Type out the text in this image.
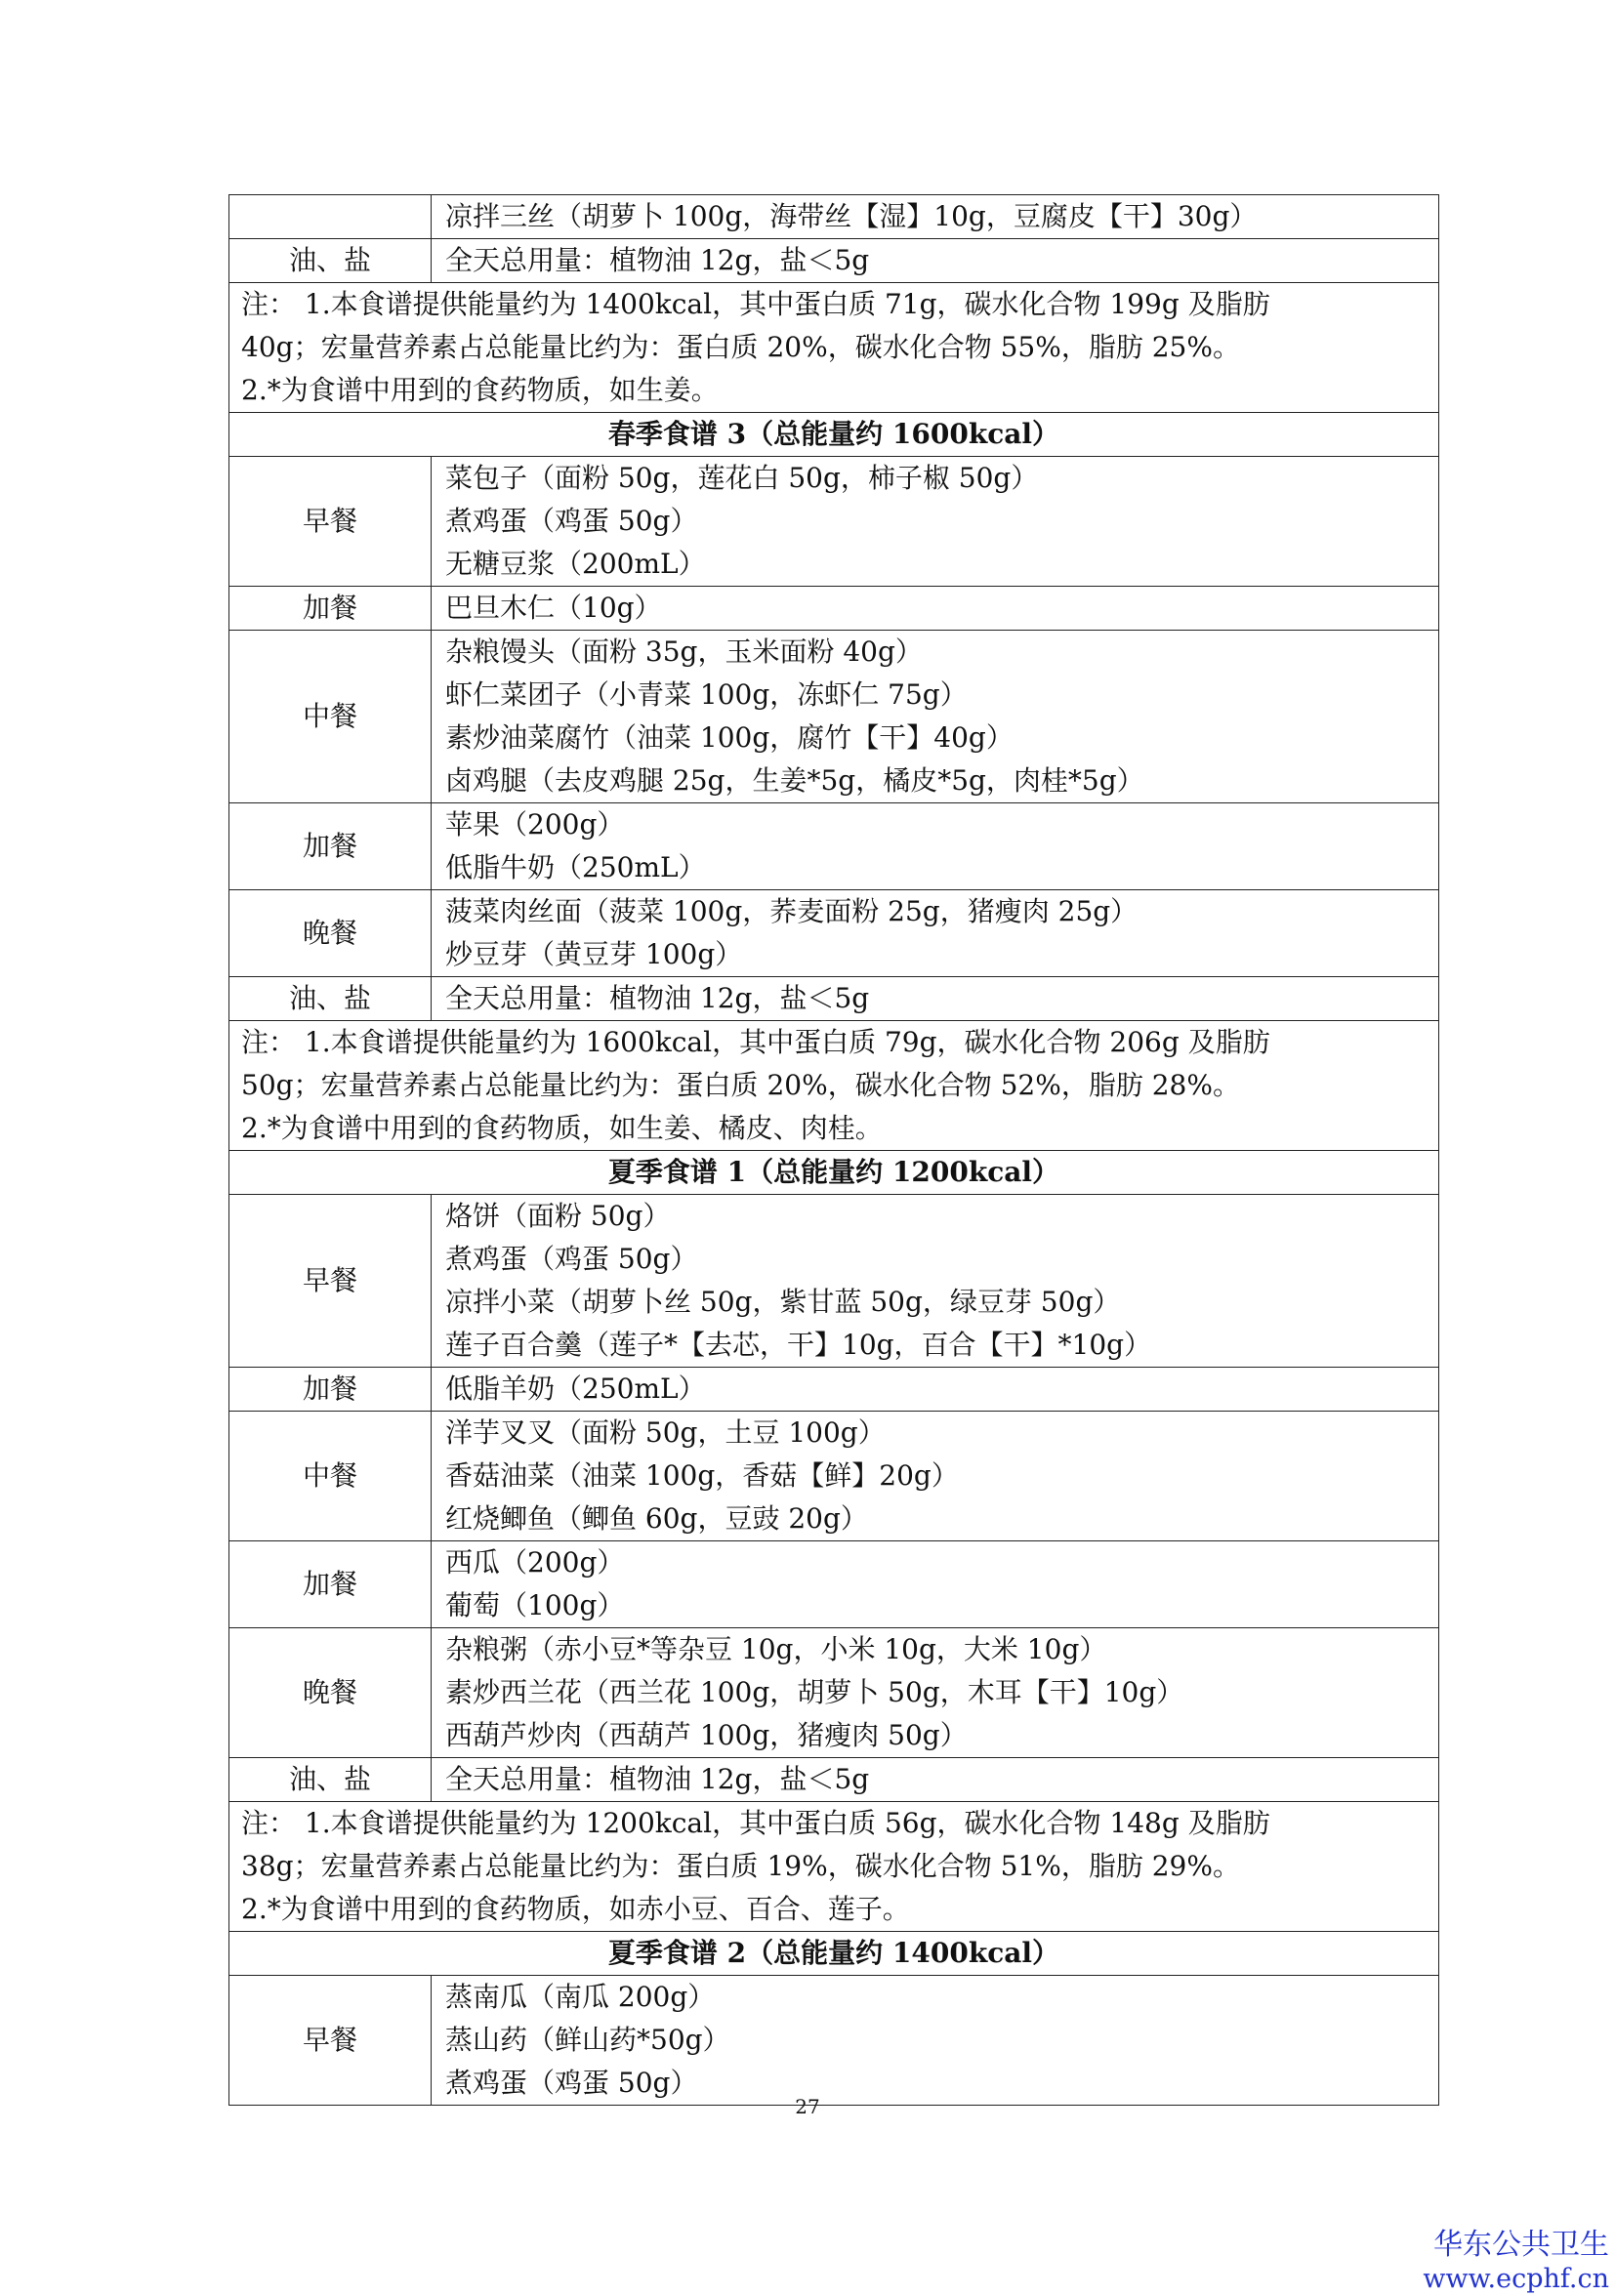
	凉拌三丝（胡萝卜 100g，海带丝【湿】10g，豆腐皮【干】30g）

油、盐	全天总用量：植物油 12g，盐＜5g

注： 1.本食谱提供能量约为 1400kcal，其中蛋白质 71g，碳水化合物 199g 及脂肪
40g；宏量营养素占总能量比约为：蛋白质 20%，碳水化合物 55%，脂肪 25%。
2.*为食谱中用到的食药物质，如生姜。	

春季食谱 3（总能量约 1600kcal）	
早餐	菜包子（面粉 50g，莲花白 50g，柿子椒 50g）
煮鸡蛋（鸡蛋 50g）
无糖豆浆（200mL）

加餐	巴旦木仁（10g）

中餐	杂粮馒头（面粉 35g，玉米面粉 40g）
虾仁菜团子（小青菜 100g，冻虾仁 75g）
素炒油菜腐竹（油菜 100g，腐竹【干】40g）
卤鸡腿（去皮鸡腿 25g，生姜*5g，橘皮*5g，肉桂*5g）

加餐	苹果（200g）
低脂牛奶（250mL）

晚餐	菠菜肉丝面（菠菜 100g，荞麦面粉 25g，猪瘦肉 25g）
炒豆芽（黄豆芽 100g）

油、盐	全天总用量：植物油 12g，盐＜5g

注： 1.本食谱提供能量约为 1600kcal，其中蛋白质 79g，碳水化合物 206g 及脂肪
50g；宏量营养素占总能量比约为：蛋白质 20%，碳水化合物 52%，脂肪 28%。
2.*为食谱中用到的食药物质，如生姜、橘皮、肉桂。	

夏季食谱 1（总能量约 1200kcal）	
早餐	烙饼（面粉 50g）
煮鸡蛋（鸡蛋 50g）
凉拌小菜（胡萝卜丝 50g，紫甘蓝 50g，绿豆芽 50g）
莲子百合羹（莲子*【去芯，干】10g，百合【干】*10g）

加餐	低脂羊奶（250mL）

中餐	洋芋叉叉（面粉 50g，土豆 100g）
香菇油菜（油菜 100g，香菇【鲜】20g）
红烧鲫鱼（鲫鱼 60g，豆豉 20g）

加餐	西瓜（200g）
葡萄（100g）

晚餐	杂粮粥（赤小豆*等杂豆 10g，小米 10g，大米 10g）
素炒西兰花（西兰花 100g，胡萝卜 50g，木耳【干】10g）
西葫芦炒肉（西葫芦 100g，猪瘦肉 50g）

油、盐	全天总用量：植物油 12g，盐＜5g

注： 1.本食谱提供能量约为 1200kcal，其中蛋白质 56g，碳水化合物 148g 及脂肪
38g；宏量营养素占总能量比约为：蛋白质 19%，碳水化合物 51%，脂肪 29%。
2.*为食谱中用到的食药物质，如赤小豆、百合、莲子。	

夏季食谱 2（总能量约 1400kcal）	
早餐	蒸南瓜（南瓜 200g）
蒸山药（鲜山药*50g）
煮鸡蛋（鸡蛋 50g）
27
华东公共卫生
www.ecphf.cn
